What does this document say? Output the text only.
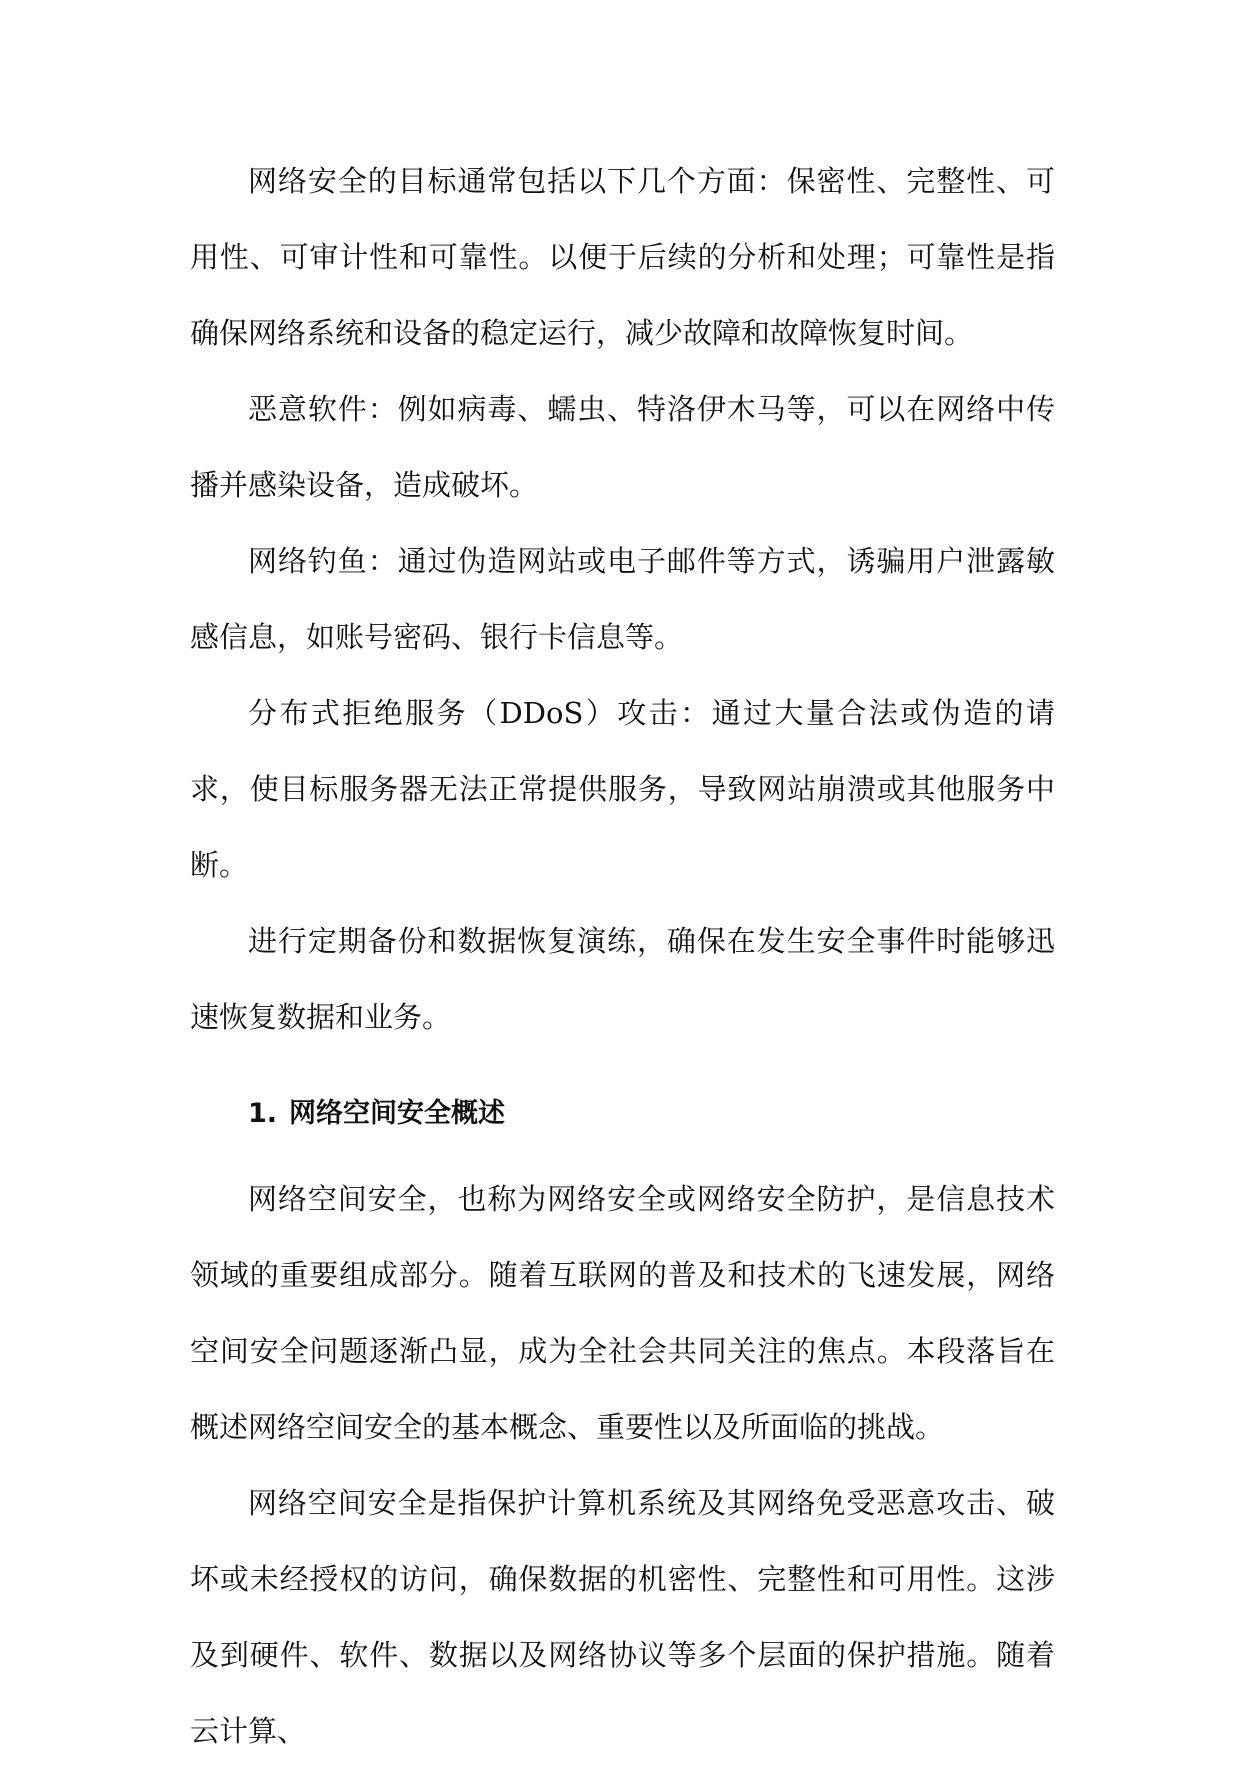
网络安全的目标通常包括以下几个方面：保密性、完整性、可用性、可审计性和可靠性。以便于后续的分析和处理；可靠性是指确保网络系统和设备的稳定运行，减少故障和故障恢复时间。

恶意软件：例如病毒、蠕虫、特洛伊木马等，可以在网络中传播并感染设备，造成破坏。

网络钓鱼：通过伪造网站或电子邮件等方式，诱骗用户泄露敏感信息，如账号密码、银行卡信息等。

分布式拒绝服务（DDoS）攻击：通过大量合法或伪造的请求，使目标服务器无法正常提供服务，导致网站崩溃或其他服务中断。

进行定期备份和数据恢复演练，确保在发生安全事件时能够迅速恢复数据和业务。

1. 网络空间安全概述

网络空间安全，也称为网络安全或网络安全防护，是信息技术领域的重要组成部分。随着互联网的普及和技术的飞速发展，网络空间安全问题逐渐凸显，成为全社会共同关注的焦点。本段落旨在概述网络空间安全的基本概念、重要性以及所面临的挑战。

网络空间安全是指保护计算机系统及其网络免受恶意攻击、破坏或未经授权的访问，确保数据的机密性、完整性和可用性。这涉及到硬件、软件、数据以及网络协议等多个层面的保护措施。随着云计算、
